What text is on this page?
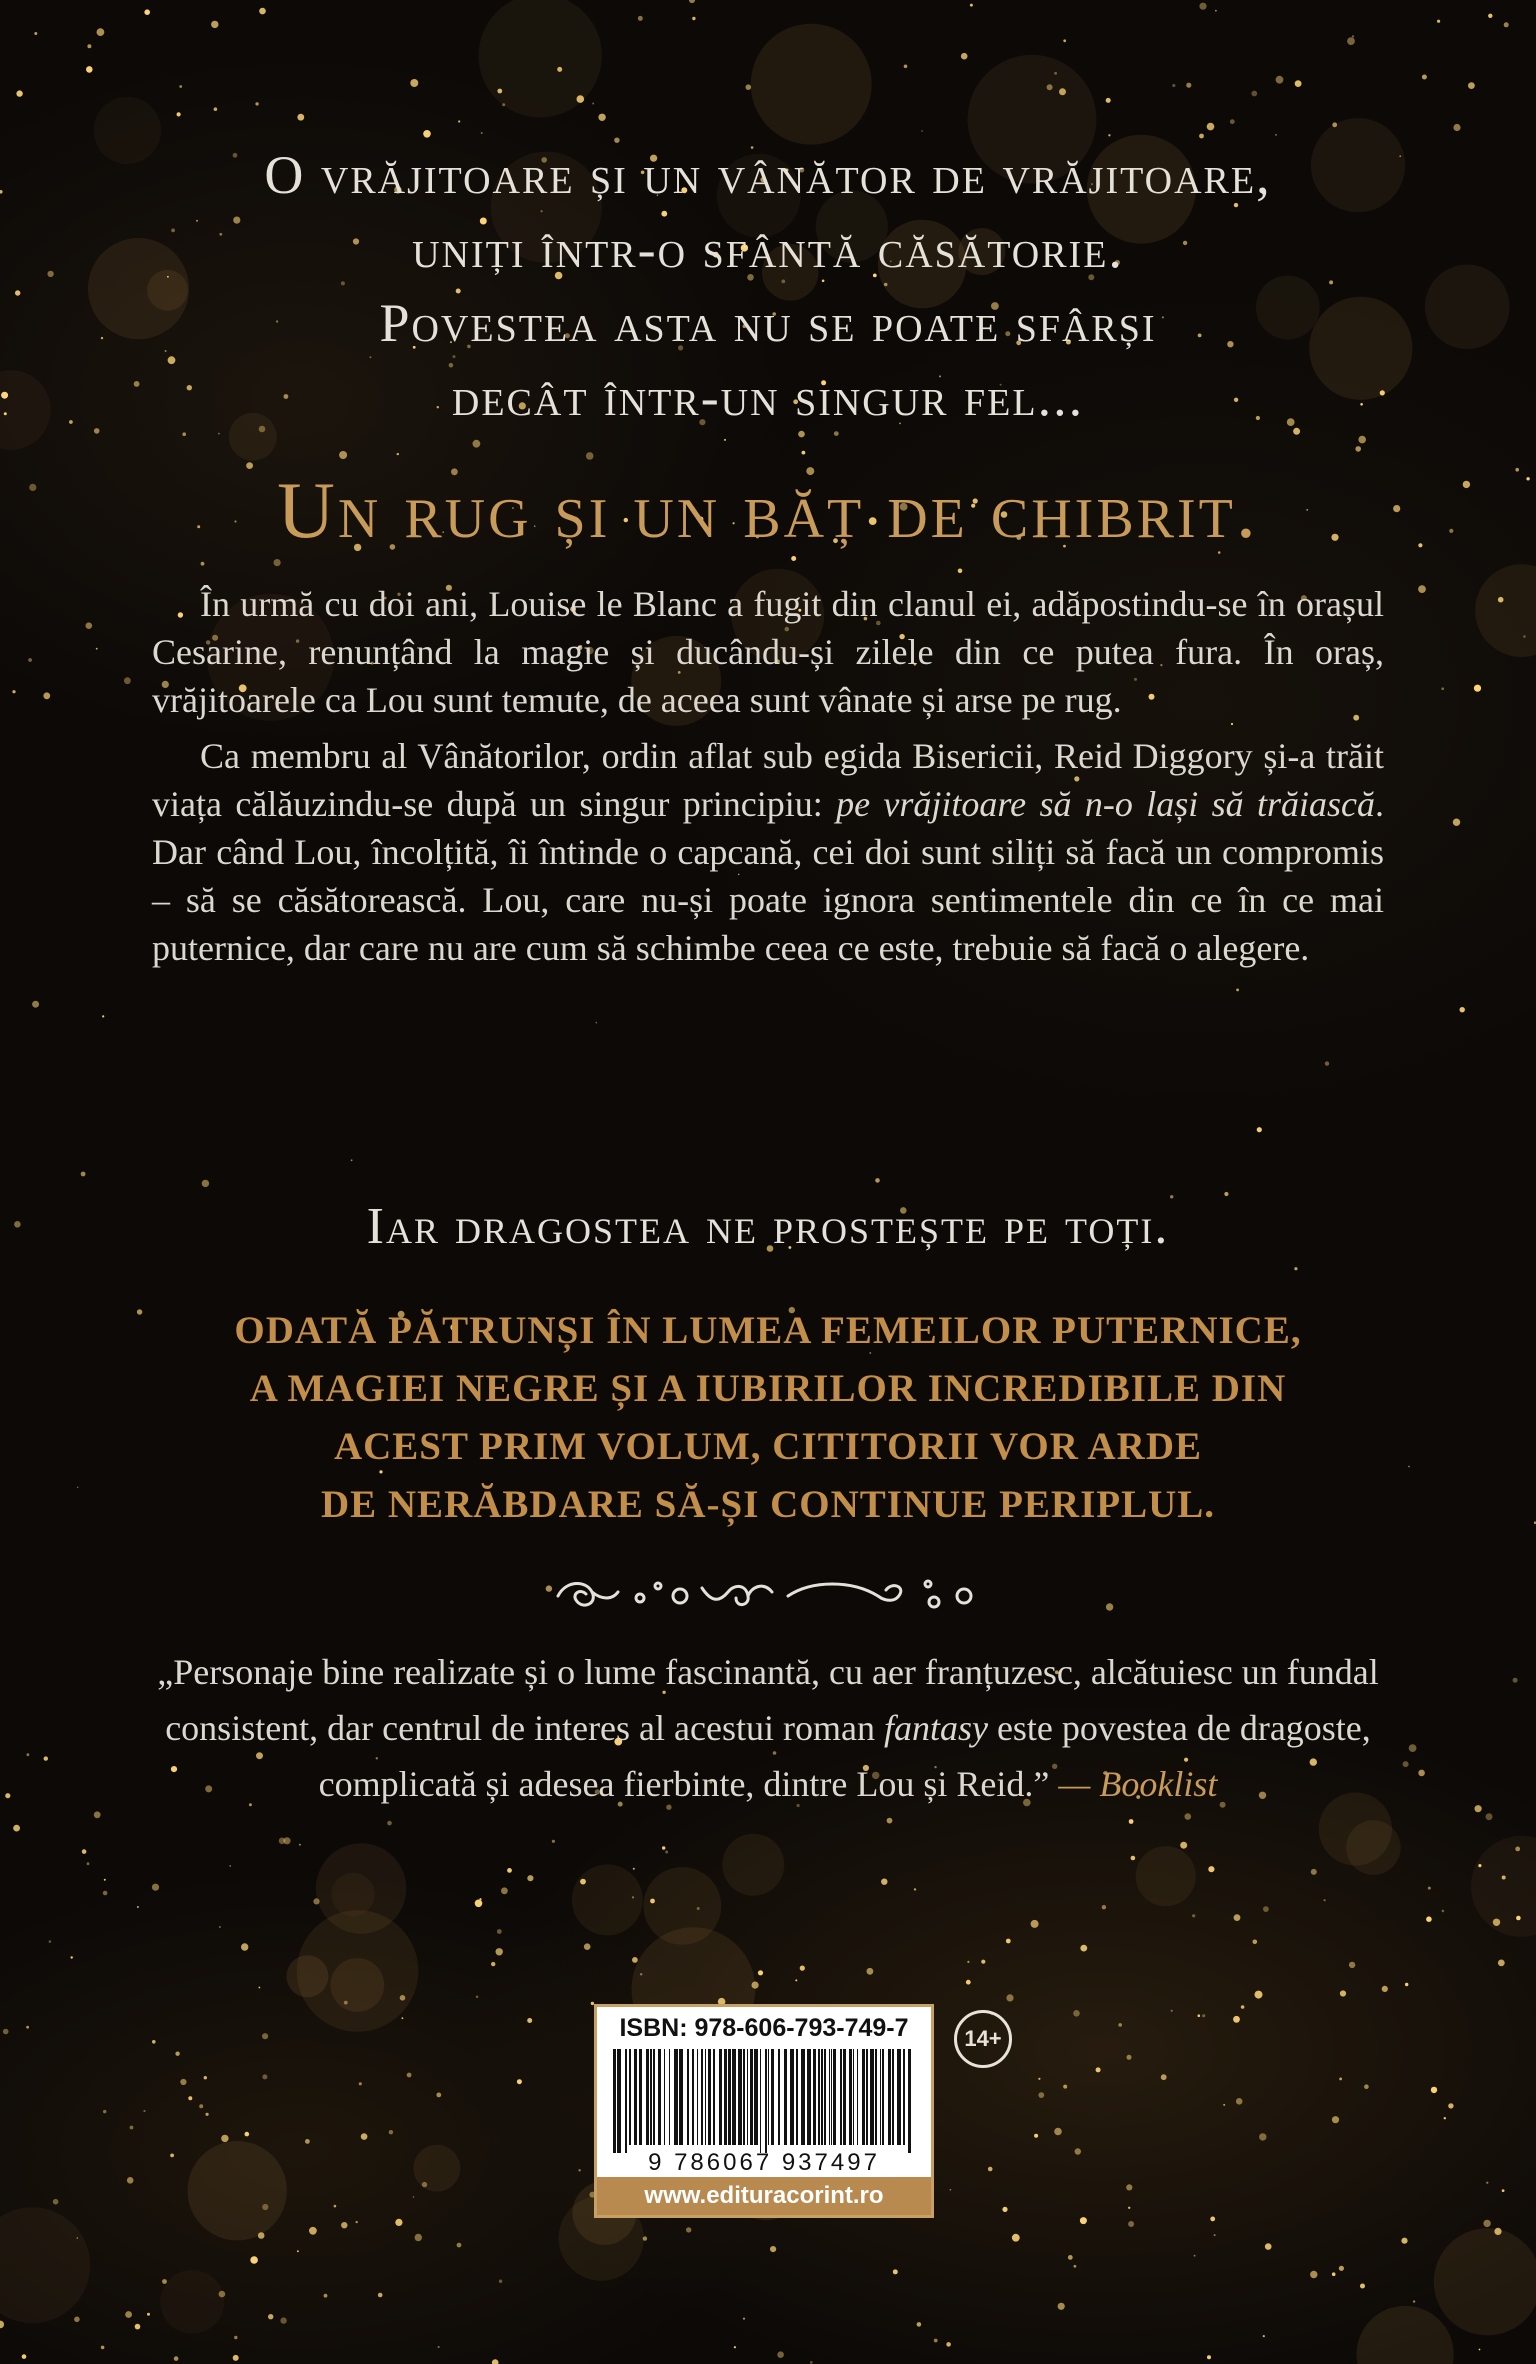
O vrăjitoare și un vânător de vrăjitoare,

uniți într-o sfântă căsătorie.

Povestea asta nu se poate sfârși

decât într-un singur fel...

Un rug și un băț de chibrit.

În urmă cu doi ani, Louise le Blanc a fugit din clanul ei, adăpostindu-se în orașul Cesarine, renunțând la magie și ducându-și zilele din ce putea fura. În oraș, vrăjitoarele ca Lou sunt temute, de aceea sunt vânate și arse pe rug.

Ca membru al Vânătorilor, ordin aflat sub egida Bisericii, Reid Diggory și-a trăit viața călăuzindu-se după un singur principiu: pe vrăjitoare să n-o lași să trăiască. Dar când Lou, încolțită, îi întinde o capcană, cei doi sunt siliți să facă un compromis – să se căsătorească. Lou, care nu-și poate ignora sentimentele din ce în ce mai puternice, dar care nu are cum să schimbe ceea ce este, trebuie să facă o alegere.

Iar dragostea ne prostește pe toți.

ODATĂ PĂTRUNȘI ÎN LUMEA FEMEILOR PUTERNICE,

A MAGIEI NEGRE ȘI A IUBIRILOR INCREDIBILE DIN

ACEST PRIM VOLUM, CITITORII VOR ARDE

DE NERĂBDARE SĂ-ȘI CONTINUE PERIPLUL.

„Personaje bine realizate și o lume fascinantă, cu aer franțuzesc, alcătuiesc un fundal consistent, dar centrul de interes al acestui roman fantasy este povestea de dragoste, complicată și adesea fierbinte, dintre Lou și Reid.” — Booklist

ISBN: 978-606-793-749-7
9 786067 937497
www.edituracorint.ro
14+
